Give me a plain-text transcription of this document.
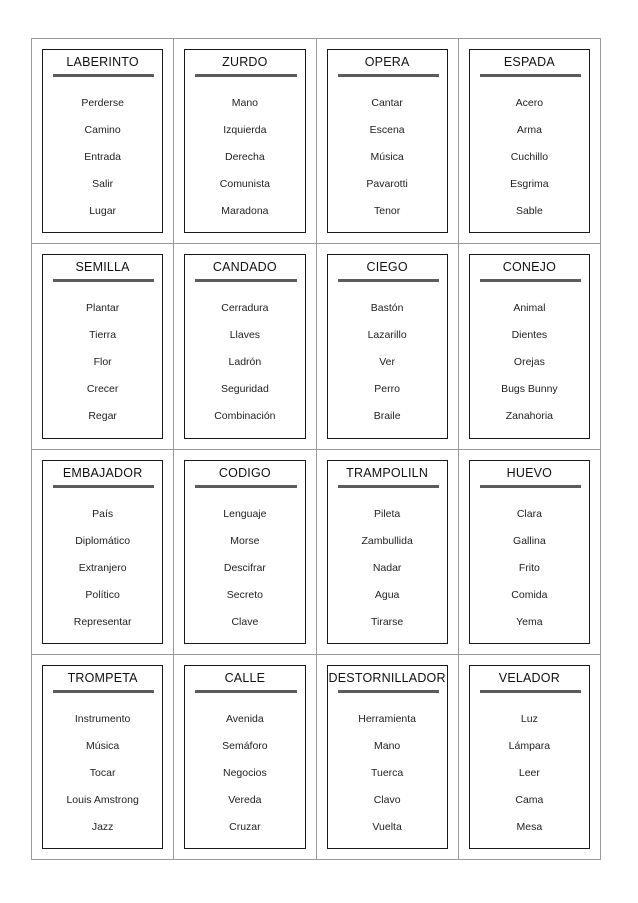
LABERINTO
Perderse
Camino
Entrada
Salir
Lugar
ZURDO
Mano
Izquierda
Derecha
Comunista
Maradona
OPERA
Cantar
Escena
Música
Pavarotti
Tenor
ESPADA
Acero
Arma
Cuchillo
Esgrima
Sable
SEMILLA
Plantar
Tierra
Flor
Crecer
Regar
CANDADO
Cerradura
Llaves
Ladrón
Seguridad
Combinación
CIEGO
Bastón
Lazarillo
Ver
Perro
Braile
CONEJO
Animal
Dientes
Orejas
Bugs Bunny
Zanahoria
EMBAJADOR
País
Diplomático
Extranjero
Político
Representar
CODIGO
Lenguaje
Morse
Descifrar
Secreto
Clave
TRAMPOLILN
Pileta
Zambullida
Nadar
Agua
Tirarse
HUEVO
Clara
Gallina
Frito
Comida
Yema
TROMPETA
Instrumento
Música
Tocar
Louis Amstrong
Jazz
CALLE
Avenida
Semáforo
Negocios
Vereda
Cruzar
DESTORNILLADOR
Herramienta
Mano
Tuerca
Clavo
Vuelta
VELADOR
Luz
Lámpara
Leer
Cama
Mesa
